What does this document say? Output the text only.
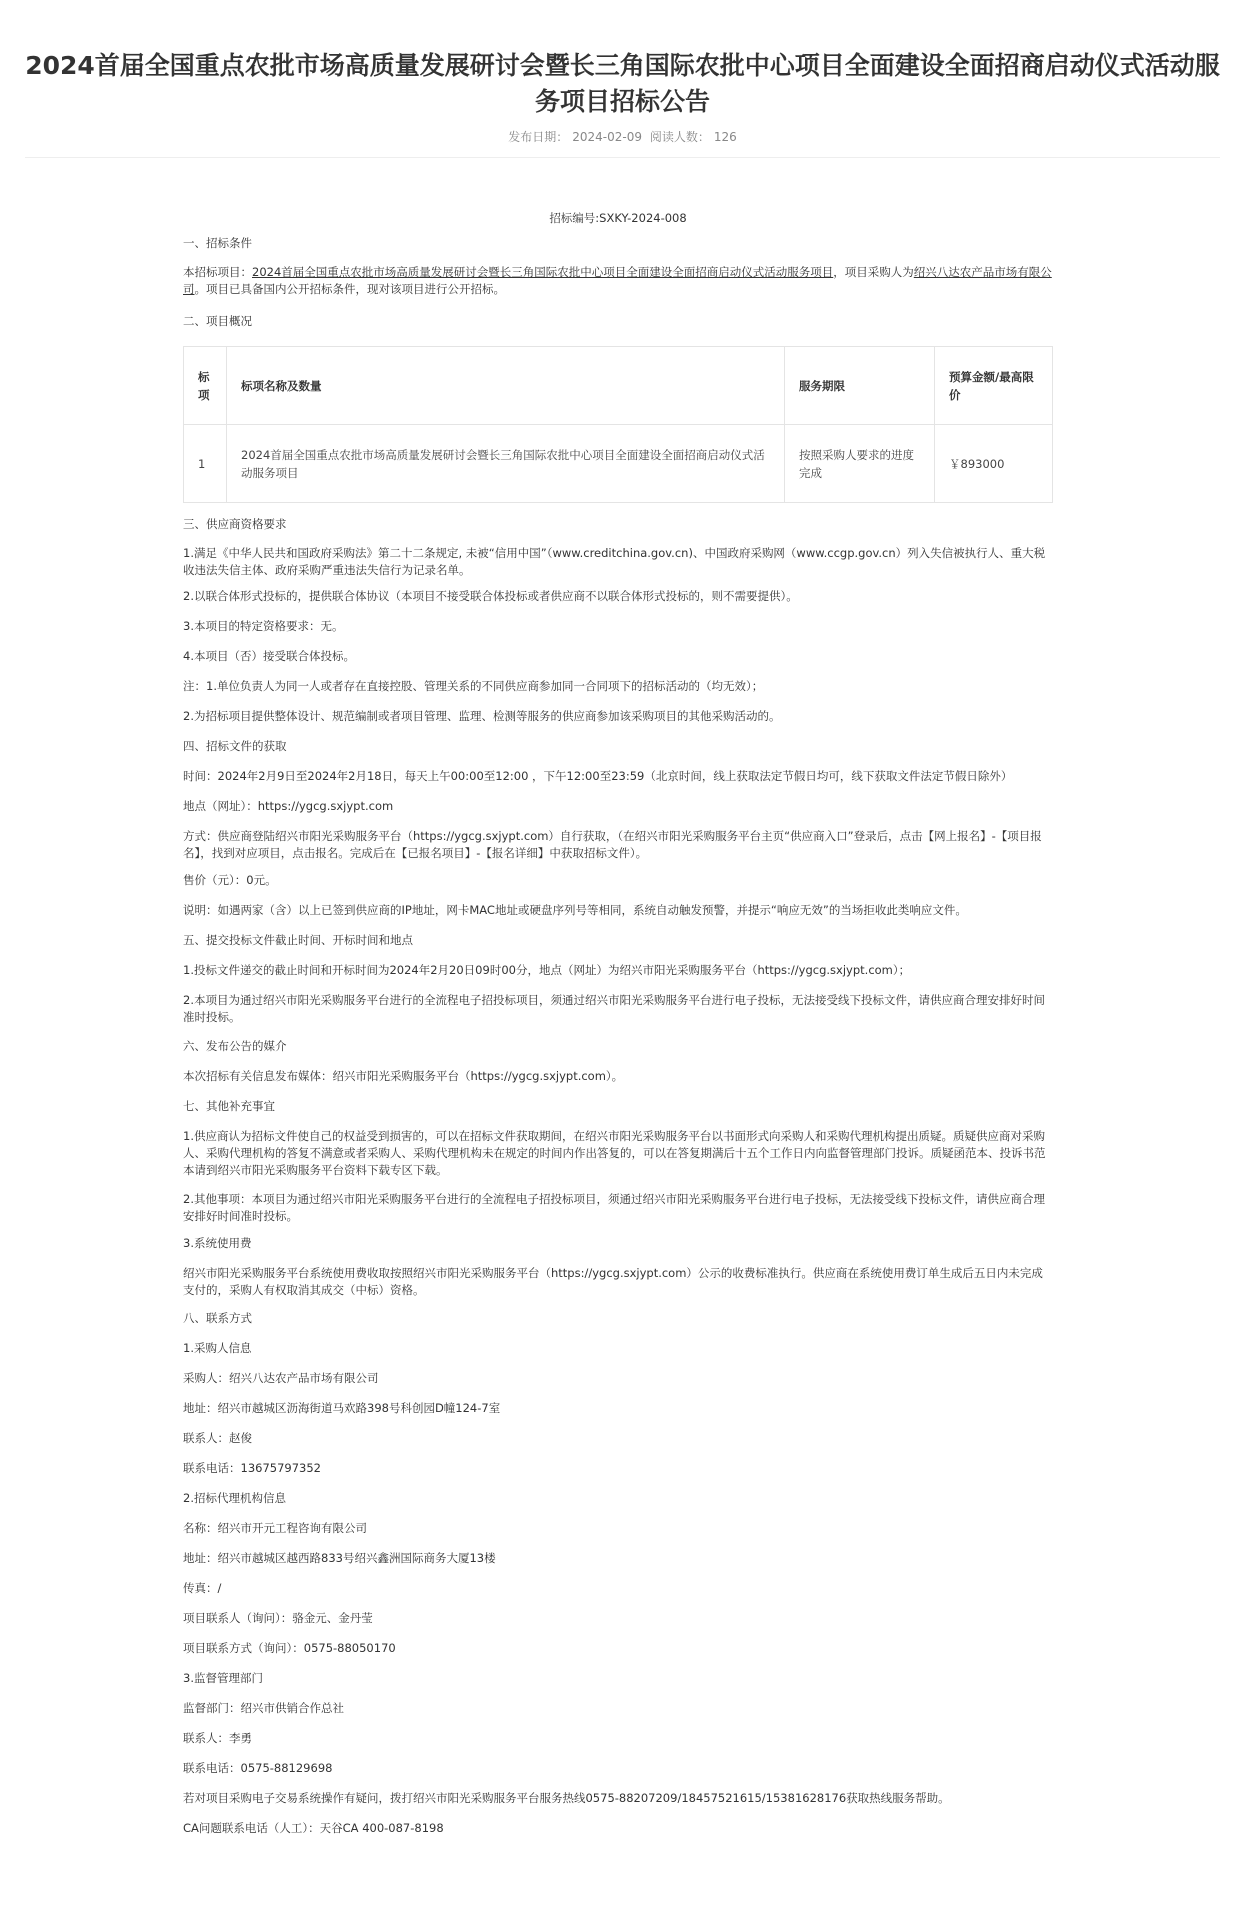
2024首届全国重点农批市场高质量发展研讨会暨长三角国际农批中心项目全面建设全面招商启动仪式活动服务项目招标公告
发布日期： 2024-02-09 阅读人数： 126
招标编号:SXKY-2024-008
一、招标条件
本招标项目：2024首届全国重点农批市场高质量发展研讨会暨长三角国际农批中心项目全面建设全面招商启动仪式活动服务项目，项目采购人为绍兴八达农产品市场有限公司。项目已具备国内公开招标条件，现对该项目进行公开招标。
二、项目概况
标项	标项名称及数量	服务期限	预算金额/最高限价
1	2024首届全国重点农批市场高质量发展研讨会暨长三角国际农批中心项目全面建设全面招商启动仪式活动服务项目	按照采购人要求的进度完成	￥893000
三、供应商资格要求
1.满足《中华人民共和国政府采购法》第二十二条规定, 未被“信用中国”（www.creditchina.gov.cn)、中国政府采购网（www.ccgp.gov.cn）列入失信被执行人、重大税收违法失信主体、政府采购严重违法失信行为记录名单。
2.以联合体形式投标的，提供联合体协议（本项目不接受联合体投标或者供应商不以联合体形式投标的，则不需要提供）。
3.本项目的特定资格要求：无。
4.本项目（否）接受联合体投标。
注：1.单位负责人为同一人或者存在直接控股、管理关系的不同供应商参加同一合同项下的招标活动的（均无效）；
2.为招标项目提供整体设计、规范编制或者项目管理、监理、检测等服务的供应商参加该采购项目的其他采购活动的。
四、招标文件的获取
时间：2024年2月9日至2024年2月18日，每天上午00:00至12:00 ，下午12:00至23:59（北京时间，线上获取法定节假日均可，线下获取文件法定节假日除外）
地点（网址）：https://ygcg.sxjypt.com
方式：供应商登陆绍兴市阳光采购服务平台（https://ygcg.sxjypt.com）自行获取，（在绍兴市阳光采购服务平台主页“供应商入口”登录后，点击【网上报名】-【项目报名】，找到对应项目，点击报名。完成后在【已报名项目】-【报名详细】中获取招标文件）。
售价（元）：0元。
说明：如遇两家（含）以上已签到供应商的IP地址，网卡MAC地址或硬盘序列号等相同，系统自动触发预警，并提示“响应无效”的当场拒收此类响应文件。
五、提交投标文件截止时间、开标时间和地点
1.投标文件递交的截止时间和开标时间为2024年2月20日09时00分，地点（网址）为绍兴市阳光采购服务平台（https://ygcg.sxjypt.com）；
2.本项目为通过绍兴市阳光采购服务平台进行的全流程电子招投标项目，须通过绍兴市阳光采购服务平台进行电子投标，无法接受线下投标文件，请供应商合理安排好时间准时投标。
六、发布公告的媒介
本次招标有关信息发布媒体：绍兴市阳光采购服务平台（https://ygcg.sxjypt.com）。
七、其他补充事宜
1.供应商认为招标文件使自己的权益受到损害的，可以在招标文件获取期间，在绍兴市阳光采购服务平台以书面形式向采购人和采购代理机构提出质疑。质疑供应商对采购人、采购代理机构的答复不满意或者采购人、采购代理机构未在规定的时间内作出答复的，可以在答复期满后十五个工作日内向监督管理部门投诉。质疑函范本、投诉书范本请到绍兴市阳光采购服务平台资料下载专区下载。
2.其他事项：本项目为通过绍兴市阳光采购服务平台进行的全流程电子招投标项目，须通过绍兴市阳光采购服务平台进行电子投标，无法接受线下投标文件，请供应商合理安排好时间准时投标。
3.系统使用费
绍兴市阳光采购服务平台系统使用费收取按照绍兴市阳光采购服务平台（https://ygcg.sxjypt.com）公示的收费标准执行。供应商在系统使用费订单生成后五日内未完成支付的，采购人有权取消其成交（中标）资格。
八、联系方式
1.采购人信息
采购人：绍兴八达农产品市场有限公司
地址：绍兴市越城区沥海街道马欢路398号科创园D幢124-7室
联系人：赵俊
联系电话：13675797352
2.招标代理机构信息
名称：绍兴市开元工程咨询有限公司
地址：绍兴市越城区越西路833号绍兴鑫洲国际商务大厦13楼
传真：/
项目联系人（询问）：骆金元、金丹莹
项目联系方式（询问）：0575-88050170
3.监督管理部门
监督部门：绍兴市供销合作总社
联系人：李勇
联系电话：0575-88129698
若对项目采购电子交易系统操作有疑问，拨打绍兴市阳光采购服务平台服务热线0575-88207209/18457521615/15381628176获取热线服务帮助。
CA问题联系电话（人工）：天谷CA 400-087-8198
